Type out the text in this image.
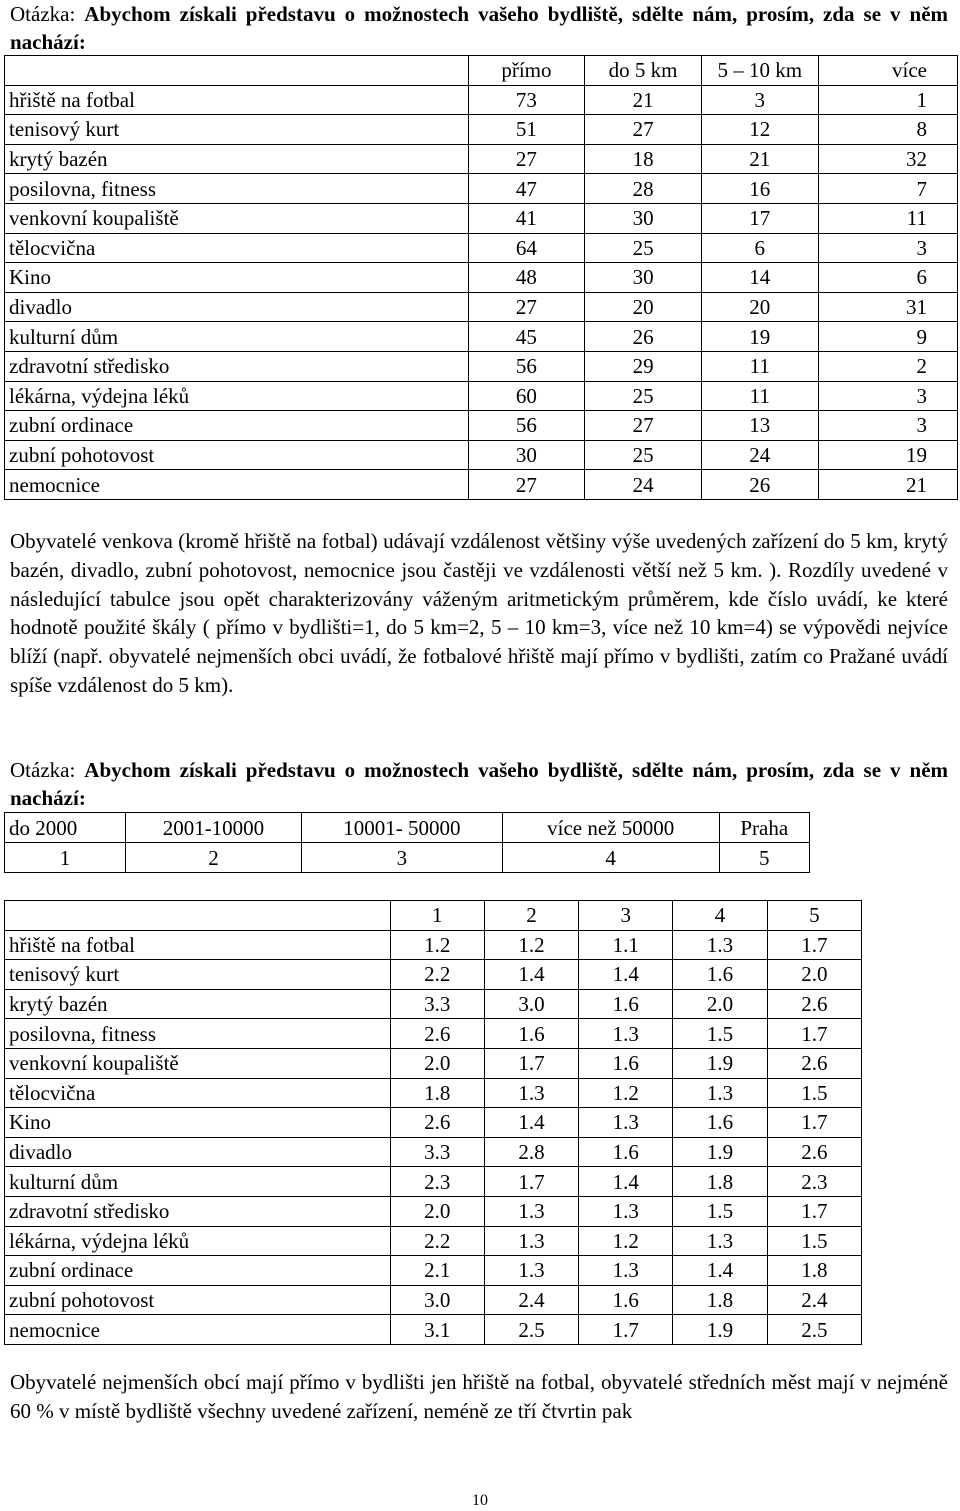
Otázka: Abychom získali představu o možnostech vašeho bydliště, sdělte nám, prosím, zda se v něm nachází:
	přímo	do 5 km	5 – 10 km	více
hřiště na fotbal	73	21	3	1
tenisový kurt	51	27	12	8
krytý bazén	27	18	21	32
posilovna, fitness	47	28	16	7
venkovní koupaliště	41	30	17	11
tělocvična	64	25	6	3
Kino	48	30	14	6
divadlo	27	20	20	31
kulturní dům	45	26	19	9
zdravotní středisko	56	29	11	2
lékárna, výdejna léků	60	25	11	3
zubní ordinace	56	27	13	3
zubní pohotovost	30	25	24	19
nemocnice	27	24	26	21
Obyvatelé venkova (kromě hřiště na fotbal) udávají vzdálenost většiny výše uvedených zařízení do 5 km, krytý bazén, divadlo, zubní pohotovost, nemocnice jsou častěji ve vzdálenosti větší než 5 km. ). Rozdíly uvedené v následující tabulce jsou opět charakterizovány váženým aritmetickým průměrem, kde číslo uvádí, ke které hodnotě použité škály ( přímo v bydlišti=1, do 5 km=2, 5 – 10 km=3, více než 10 km=4) se výpovědi nejvíce blíží (např. obyvatelé nejmenších obci uvádí, že fotbalové hřiště mají přímo v bydlišti, zatím co Pražané uvádí spíše vzdálenost do 5 km).
Otázka: Abychom získali představu o možnostech vašeho bydliště, sdělte nám, prosím, zda se v něm nachází:
do 2000	2001-10000	10001- 50000	více než 50000	Praha
1	2	3	4	5
	1	2	3	4	5
hřiště na fotbal	1.2	1.2	1.1	1.3	1.7
tenisový kurt	2.2	1.4	1.4	1.6	2.0
krytý bazén	3.3	3.0	1.6	2.0	2.6
posilovna, fitness	2.6	1.6	1.3	1.5	1.7
venkovní koupaliště	2.0	1.7	1.6	1.9	2.6
tělocvična	1.8	1.3	1.2	1.3	1.5
Kino	2.6	1.4	1.3	1.6	1.7
divadlo	3.3	2.8	1.6	1.9	2.6
kulturní dům	2.3	1.7	1.4	1.8	2.3
zdravotní středisko	2.0	1.3	1.3	1.5	1.7
lékárna, výdejna léků	2.2	1.3	1.2	1.3	1.5
zubní ordinace	2.1	1.3	1.3	1.4	1.8
zubní pohotovost	3.0	2.4	1.6	1.8	2.4
nemocnice	3.1	2.5	1.7	1.9	2.5
Obyvatelé nejmenších obcí mají přímo v bydlišti jen hřiště na fotbal, obyvatelé středních měst mají v nejméně 60 % v místě bydliště všechny uvedené zařízení, neméně ze tří čtvrtin pak
10
